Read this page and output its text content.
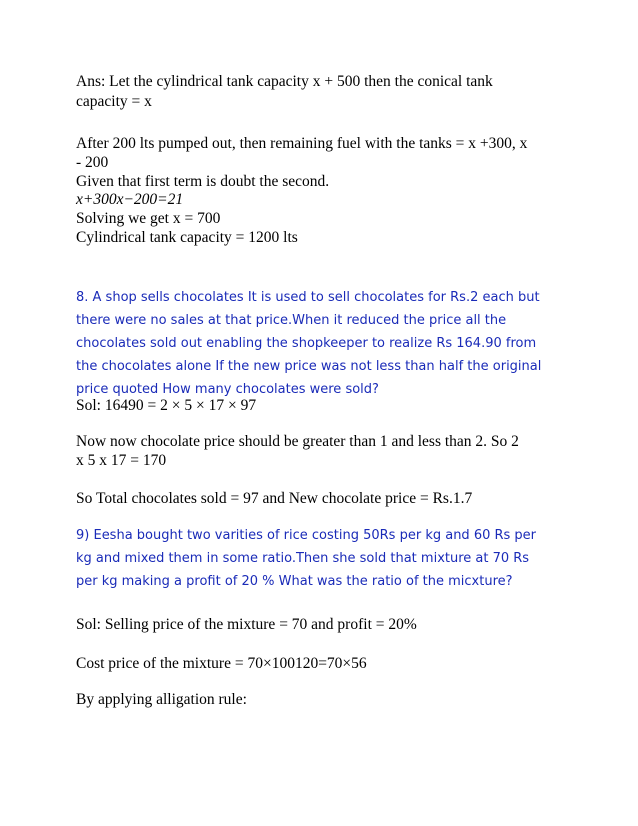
Ans: Let the cylindrical tank capacity x + 500 then the conical tank
capacity = x
After 200 lts pumped out, then remaining fuel with the tanks = x +300, x
- 200
Given that first term is doubt the second.
x+300x−200=21
Solving we get x = 700
Cylindrical tank capacity = 1200 lts
8. A shop sells chocolates It is used to sell chocolates for Rs.2 each but
there were no sales at that price.When it reduced the price all the
chocolates sold out enabling the shopkeeper to realize Rs 164.90 from
the chocolates alone If the new price was not less than half the original
price quoted How many chocolates were sold?
Sol: 16490 = 2 × 5 × 17 × 97
Now now chocolate price should be greater than 1 and less than 2. So 2
x 5 x 17 = 170
So Total chocolates sold = 97 and New chocolate price = Rs.1.7
9) Eesha bought two varities of rice costing 50Rs per kg and 60 Rs per
kg and mixed them in some ratio.Then she sold that mixture at 70 Rs
per kg making a profit of 20 % What was the ratio of the micxture?
Sol: Selling price of the mixture = 70 and profit = 20%
Cost price of the mixture = 70×100120=70×56
By applying alligation rule:
